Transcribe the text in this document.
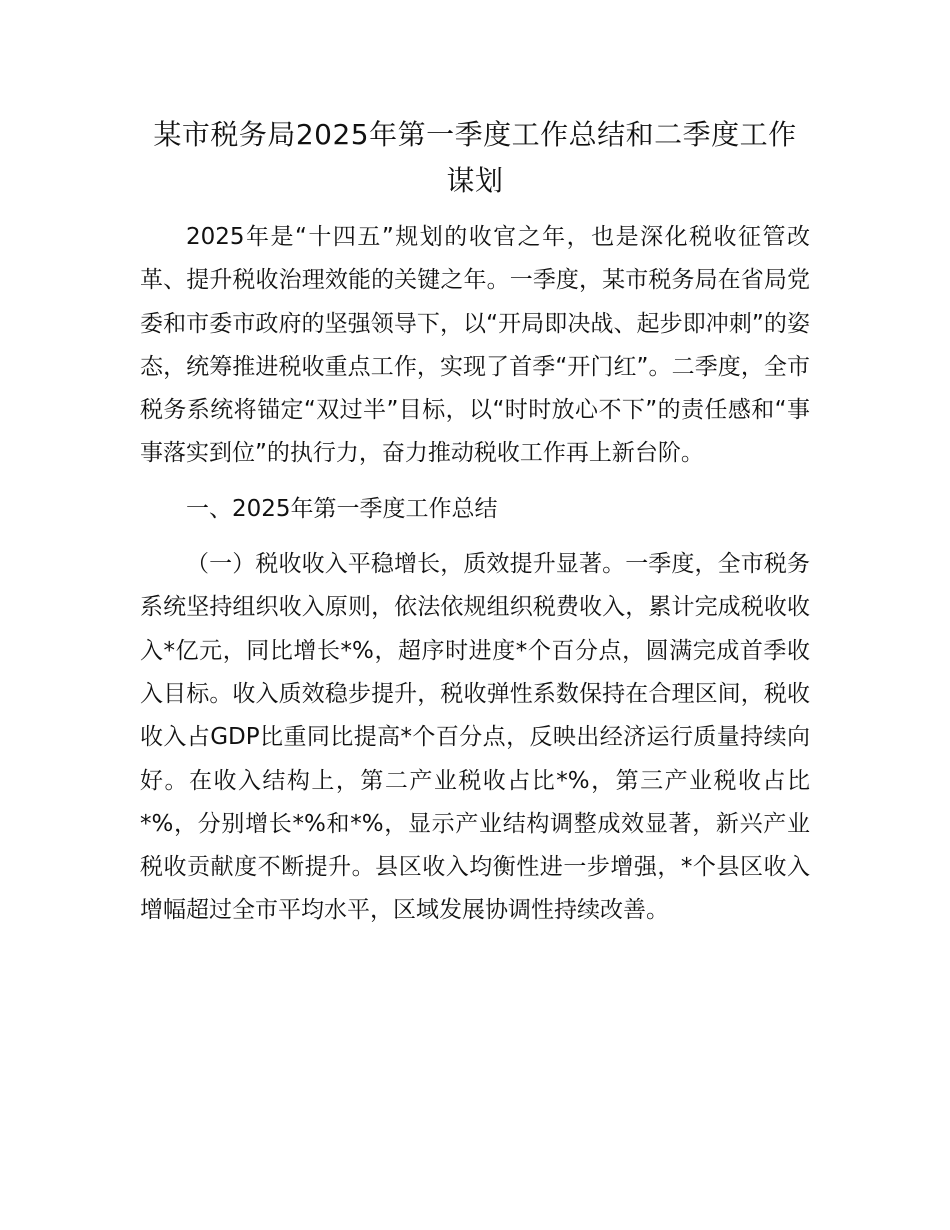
某市税务局2025年第一季度工作总结和二季度工作谋划

2025年是“十四五”规划的收官之年，也是深化税收征管改革、提升税收治理效能的关键之年。一季度，某市税务局在省局党委和市委市政府的坚强领导下，以“开局即决战、起步即冲刺”的姿态，统筹推进税收重点工作，实现了首季“开门红”。二季度，全市税务系统将锚定“双过半”目标，以“时时放心不下”的责任感和“事事落实到位”的执行力，奋力推动税收工作再上新台阶。

一、2025年第一季度工作总结

（一）税收收入平稳增长，质效提升显著。一季度，全市税务系统坚持组织收入原则，依法依规组织税费收入，累计完成税收收入*亿元，同比增长*%，超序时进度*个百分点，圆满完成首季收入目标。收入质效稳步提升，税收弹性系数保持在合理区间，税收收入占GDP比重同比提高*个百分点，反映出经济运行质量持续向好。在收入结构上，第二产业税收占比*%，第三产业税收占比*%，分别增长*%和*%，显示产业结构调整成效显著，新兴产业税收贡献度不断提升。县区收入均衡性进一步增强，*个县区收入增幅超过全市平均水平，区域发展协调性持续改善。
